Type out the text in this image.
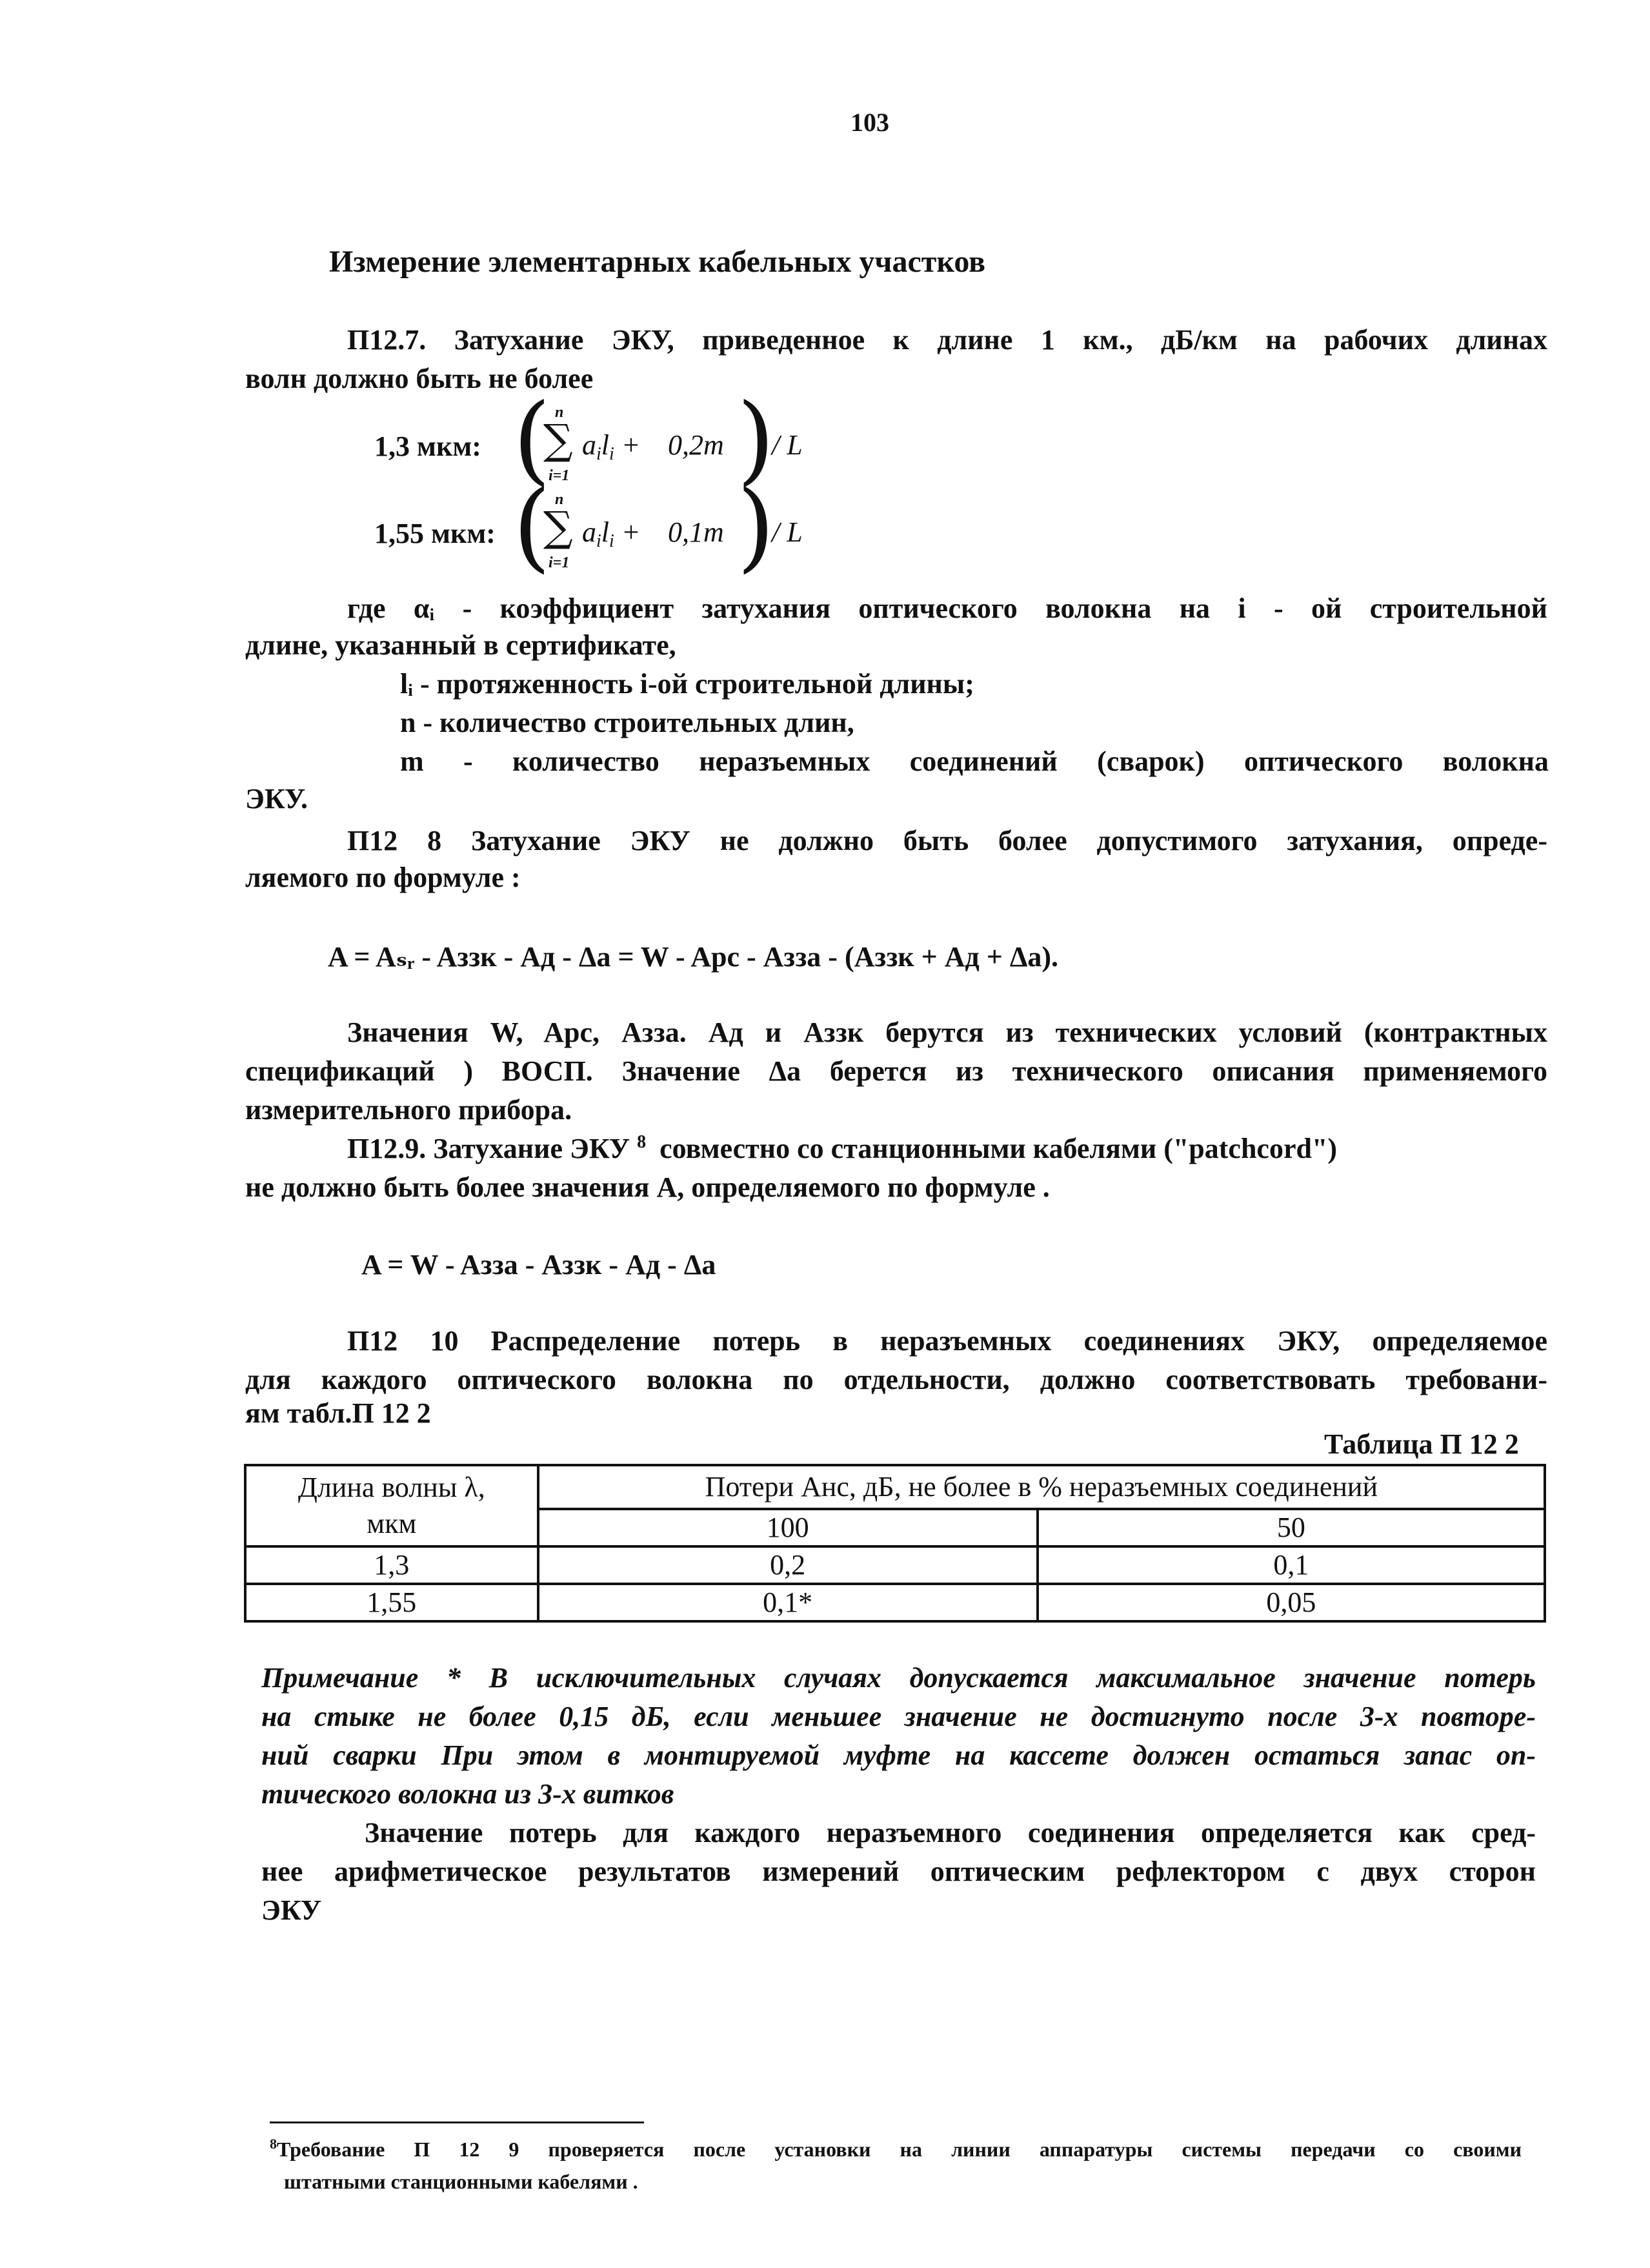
103
Измерение элементарных кабельных участков
П12.7. Затухание ЭКУ, приведенное к длине 1 км., дБ/км на рабочих длинах
волн должно быть не более
1,3 мкм: ( n
∑
i=1
$a_il_i + 0,2m$ )
/ L
1,55 мкм: ( n
∑
i=1
$a_il_i + 0,1m$ )
/ L
где αᵢ - коэффициент затухания оптического волокна на i - ой строительной
длине, указанный в сертификате,
lᵢ - протяженность i-ой строительной длины;
n - количество строительных длин,
m - количество неразъемных соединений (сварок) оптического волокна
ЭКУ.
П12 8 Затухание ЭКУ не должно быть более допустимого затухания, опреде-
ляемого по формуле :
A = Aₛᵣ - Aззк - Aд - Δa = W - Aрс - Aзза - (Aззк + Aд + Δa).
Значения W, Aрс, Aзза. Aд и Aззк берутся из технических условий (контрактных
спецификаций ) ВОСП. Значение Δa берется из технического описания применяемого
измерительного прибора.
П12.9. Затухание ЭКУ $^8$ совместно со станционными кабелями ("patchcord")
не должно быть более значения А, определяемого по формуле .
A = W - Aзза - Aззк - Aд - Δa
П12 10 Распределение потерь в неразъемных соединениях ЭКУ, определяемое
для каждого оптического волокна по отдельности, должно соответствовать требовани-
ям табл.П 12 2
Таблица П 12 2
Длина волны λ,
мкм	Потери Анс, дБ, не более в % неразъемных соединений	
	100	50
1,3	0,2	0,1
1,55	0,1*	0,05
Примечание * В исключительных случаях допускается максимальное значение потерь
на стыке не более 0,15 дБ, если меньшее значение не достигнуто после 3-х повторе-
ний сварки При этом в монтируемой муфте на кассете должен остаться запас оп-
тического волокна из 3-х витков
Значение потерь для каждого неразъемного соединения определяется как сред-
нее арифметическое результатов измерений оптическим рефлектором с двух сторон
ЭКУ
$^8$Требование П 12 9 проверяется после установки на линии аппаратуры системы передачи со своими
штатными станционными кабелями .
